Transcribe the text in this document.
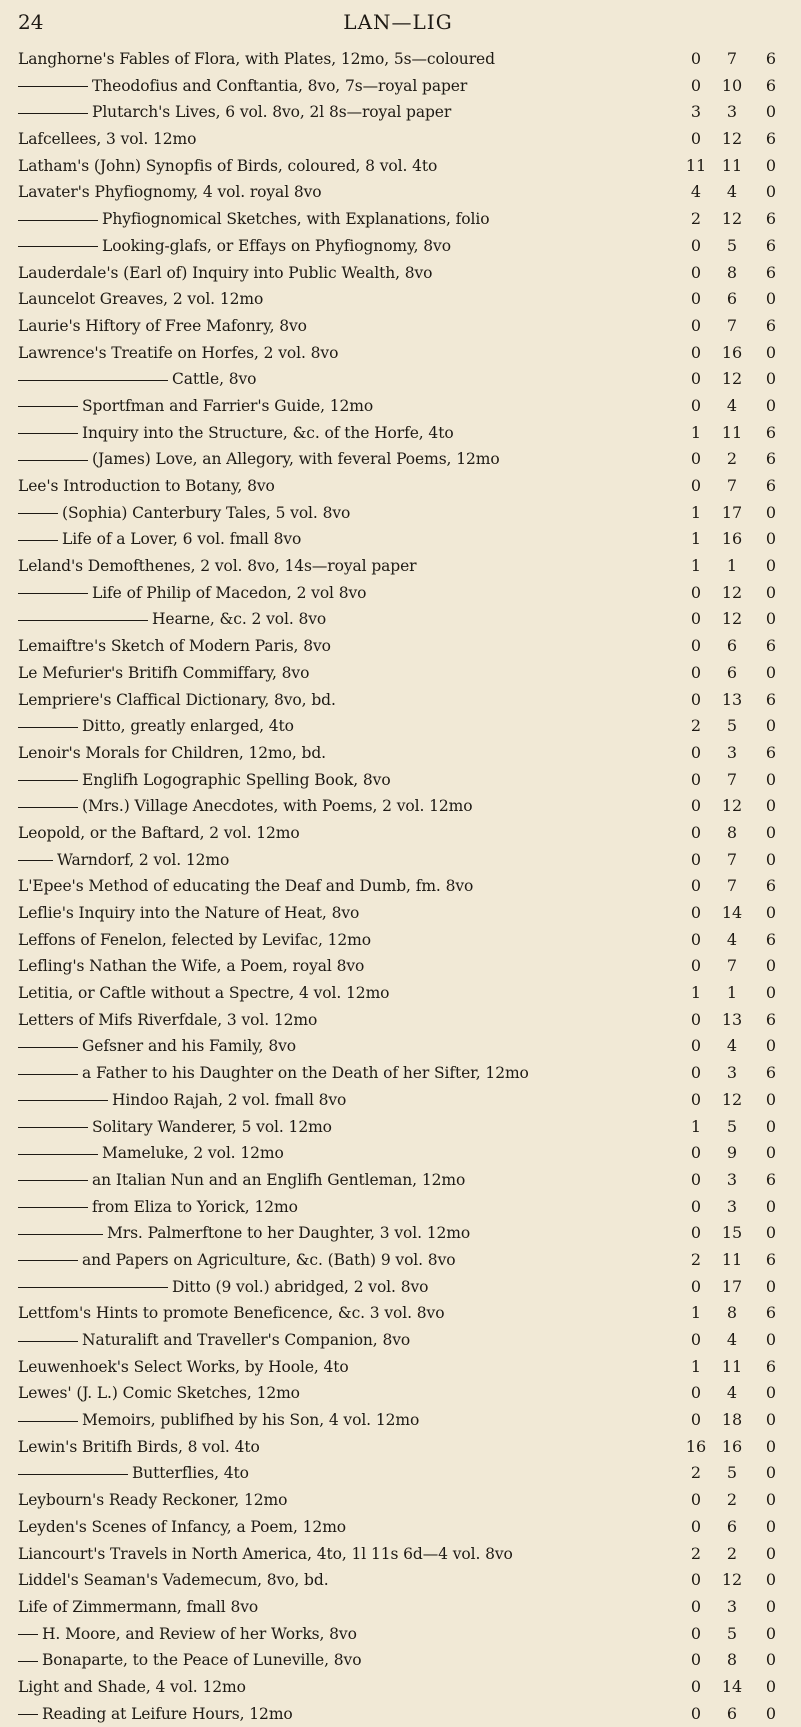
24	LAN—LIG
Langhorne's Fables of Flora, with Plates, 12mo, 5s—coloured	0	7	6
Theodofius and Conftantia, 8vo, 7s—royal paper	0	10	6
Plutarch's Lives, 6 vol. 8vo, 2l 8s—royal paper	3	3	0
Lafcellees, 3 vol. 12mo	0	12	6
Latham's (John) Synopfis of Birds, coloured, 8 vol. 4to	11 11	0
Lavater's Phyfiognomy, 4 vol. royal 8vo	4	4	0
Phyfiognomical Sketches, with Explanations, folio	2	12	6
Looking-glafs, or Effays on Phyfiognomy, 8vo	0	5	6
Lauderdale's (Earl of) Inquiry into Public Wealth, 8vo	0	8	6
Launcelot Greaves, 2 vol. 12mo	0	6	0
Laurie's Hiftory of Free Mafonry, 8vo	0	7	6
Lawrence's Treatife on Horfes, 2 vol. 8vo	0	16	0
Cattle, 8vo	0	12	0
Sportfman and Farrier's Guide, 12mo	0	4	0
Inquiry into the Structure, &c. of the Horfe, 4to	1	11	6
(James) Love, an Allegory, with feveral Poems, 12mo	0	2	6
Lee's Introduction to Botany, 8vo	0	7	6
(Sophia) Canterbury Tales, 5 vol. 8vo	1	17	0
Life of a Lover, 6 vol. fmall 8vo	1	16	0
Leland's Demofthenes, 2 vol. 8vo, 14s—royal paper	1	1	0
Life of Philip of Macedon, 2 vol 8vo	0	12	0
Hearne, &c. 2 vol. 8vo	0	12	0
Lemaiftre's Sketch of Modern Paris, 8vo	0	6	6
Le Mefurier's Britifh Commiffary, 8vo	0	6	0
Lempriere's Claffical Dictionary, 8vo, bd.	0	13	6
Ditto, greatly enlarged, 4to	2	5	0
Lenoir's Morals for Children, 12mo, bd.	0	3	6
Englifh Logographic Spelling Book, 8vo	0	7	0
(Mrs.) Village Anecdotes, with Poems, 2 vol. 12mo	0	12	0
Leopold, or the Baftard, 2 vol. 12mo	0	8	0
Warndorf, 2 vol. 12mo	0	7	0
L'Epee's Method of educating the Deaf and Dumb, fm. 8vo	0	7	6
Leflie's Inquiry into the Nature of Heat, 8vo	0	14	0
Leffons of Fenelon, felected by Levifac, 12mo	0	4	6
Lefling's Nathan the Wife, a Poem, royal 8vo	0	7	0
Letitia, or Caftle without a Spectre, 4 vol. 12mo	1	1	0
Letters of Mifs Riverfdale, 3 vol. 12mo	0	13	6
Gefsner and his Family, 8vo	0	4	0
a Father to his Daughter on the Death of her Sifter, 12mo	0	3	6
Hindoo Rajah, 2 vol. fmall 8vo	0	12	0
Solitary Wanderer, 5 vol. 12mo	1	5	0
Mameluke, 2 vol. 12mo	0	9	0
an Italian Nun and an Englifh Gentleman, 12mo	0	3	6
from Eliza to Yorick, 12mo	0	3	0
Mrs. Palmerftone to her Daughter, 3 vol. 12mo	0	15	0
and Papers on Agriculture, &c. (Bath) 9 vol. 8vo	2	11	6
Ditto (9 vol.) abridged, 2 vol. 8vo	0	17	0
Lettfom's Hints to promote Beneficence, &c. 3 vol. 8vo	1	8	6
Naturalift and Traveller's Companion, 8vo	0	4	0
Leuwenhoek's Select Works, by Hoole, 4to	1	11	6
Lewes' (J. L.) Comic Sketches, 12mo	0	4	0
Memoirs, publifhed by his Son, 4 vol. 12mo	0	18	0
Lewin's Britifh Birds, 8 vol. 4to	16 16	0
Butterflies, 4to	2	5	0
Leybourn's Ready Reckoner, 12mo	0	2	0
Leyden's Scenes of Infancy, a Poem, 12mo	0	6	0
Liancourt's Travels in North America, 4to, 1l 11s 6d—4 vol. 8vo	2	2	0
Liddel's Seaman's Vademecum, 8vo, bd.	0	12	0
Life of Zimmermann, fmall 8vo	0	3	0
H. Moore, and Review of her Works, 8vo	0	5	0
Bonaparte, to the Peace of Luneville, 8vo	0	8	0
Light and Shade, 4 vol. 12mo	0	14	0
Reading at Leifure Hours, 12mo	0	6	0
